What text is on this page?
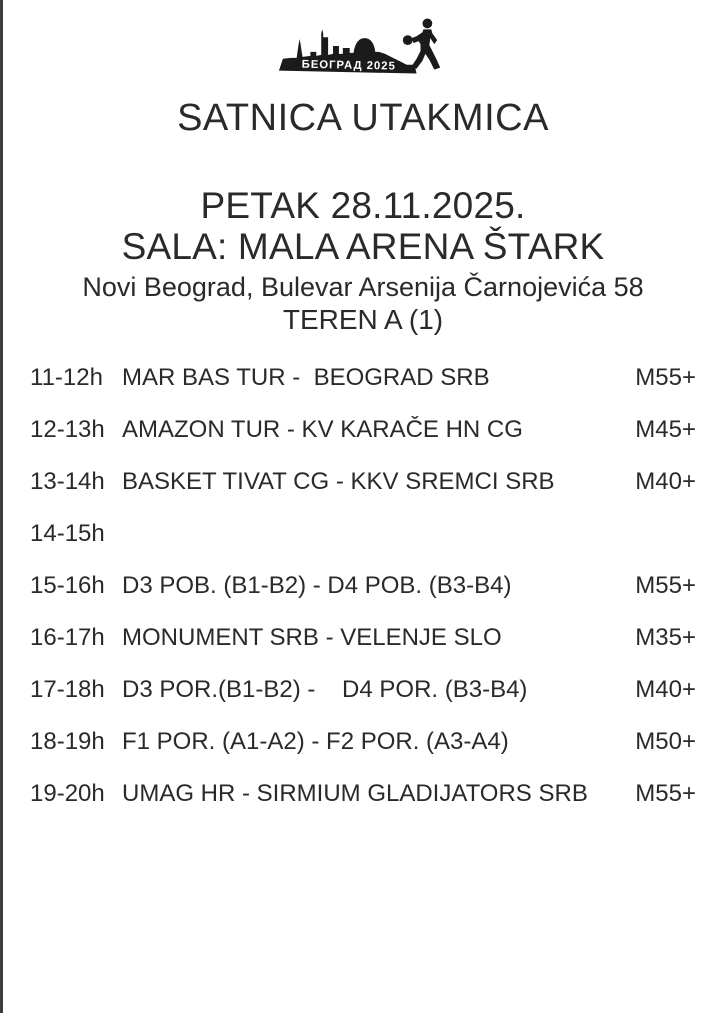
БЕОГРАД 2025
SATNICA UTAKMICA
PETAK 28.11.2025.
SALA: MALA ARENA ŠTARK
Novi Beograd, Bulevar Arsenija Čarnojevića 58
TEREN A (1)
11-12h MAR BAS TUR -  BEOGRAD SRB	M55+
12-13h AMAZON TUR - KV KARAČE HN CG	M45+
13-14h BASKET TIVAT CG - KKV SREMCI SRB	M40+
14-15h
15-16h D3 POB. (B1-B2) - D4 POB. (B3-B4)	M55+
16-17h MONUMENT SRB - VELENJE SLO	M35+
17-18h D3 POR.(B1-B2) -    D4 POR. (B3-B4)	M40+
18-19h F1 POR. (A1-A2) - F2 POR. (A3-A4)	M50+
19-20h UMAG HR - SIRMIUM GLADIJATORS SRB	M55+
